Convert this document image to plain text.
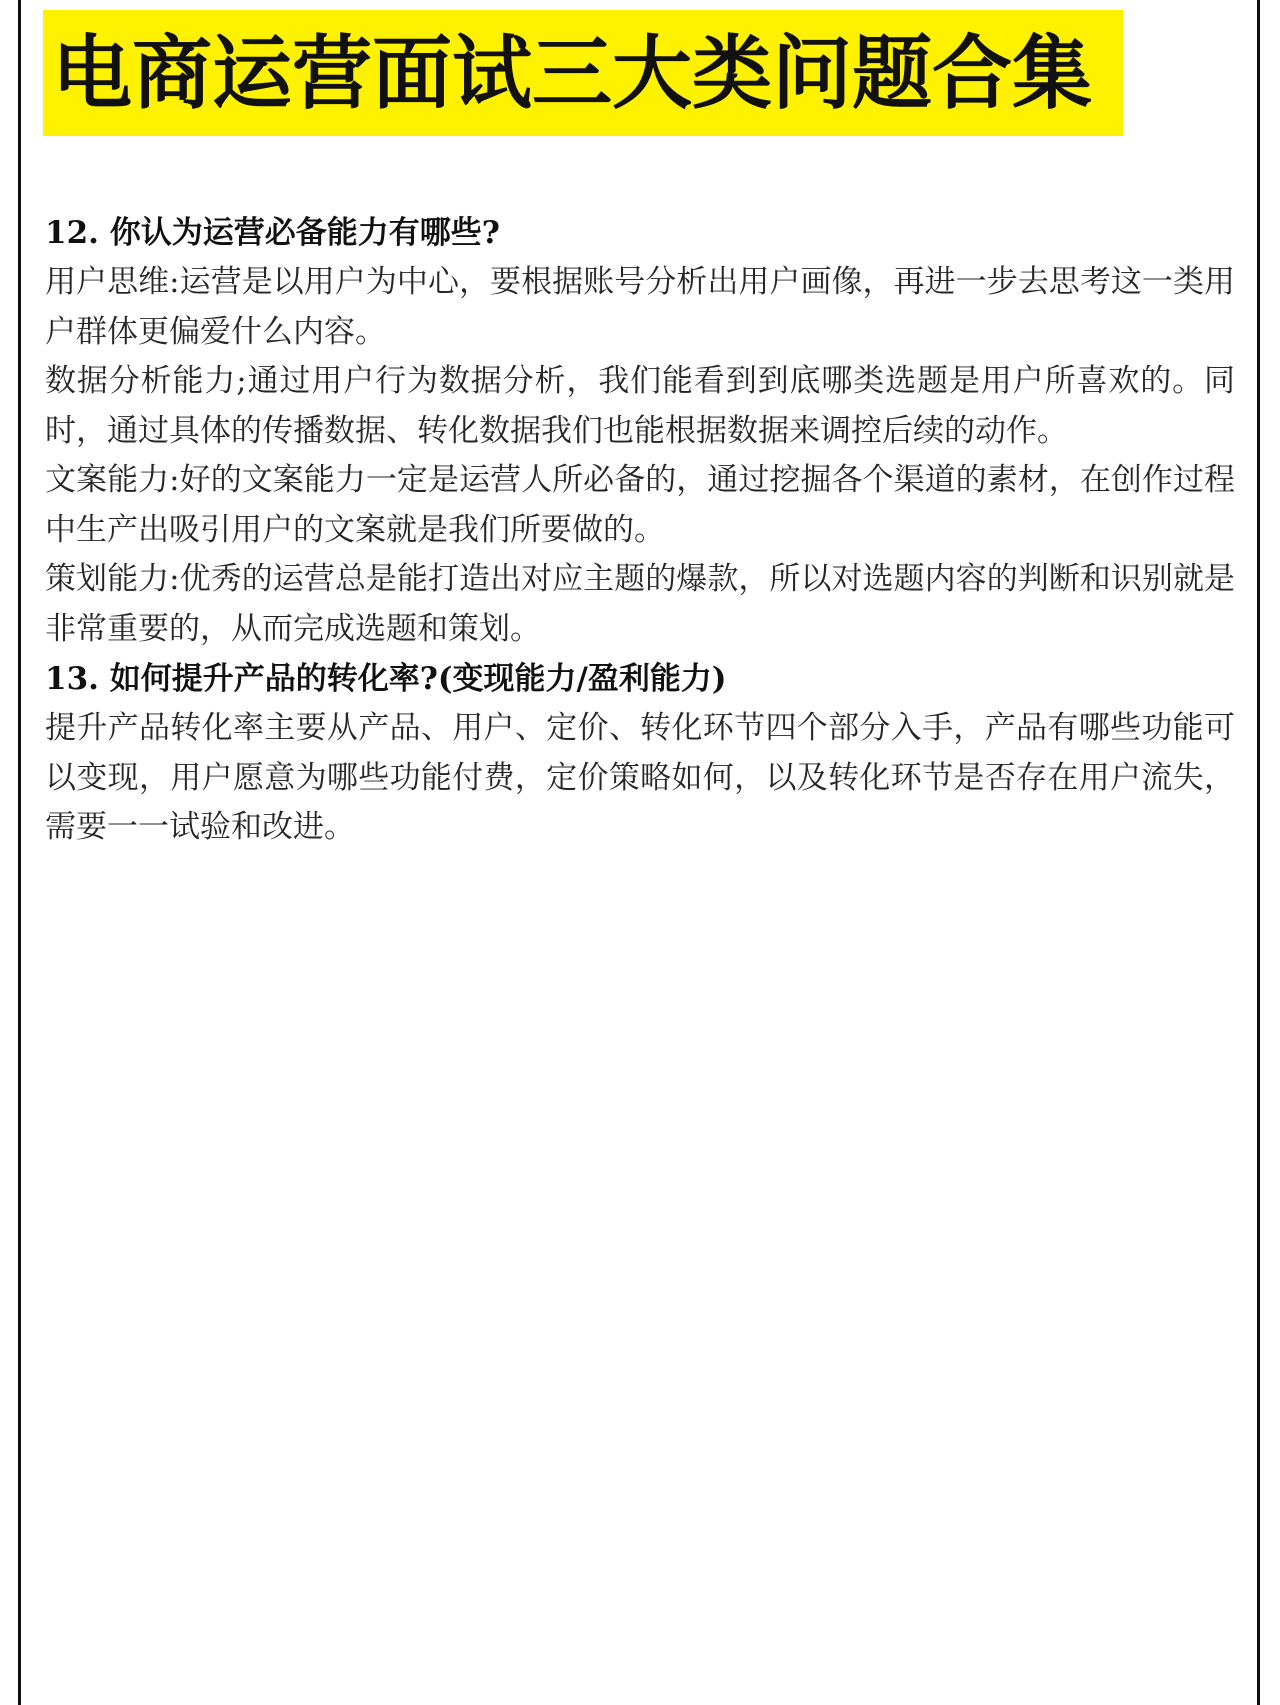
电商运营面试三大类问题合集
12. 你认为运营必备能力有哪些?

用户思维:运营是以用户为中心，要根据账号分析出用户画像，再进一步去思考这一类用户群体更偏爱什么内容。

数据分析能力;通过用户行为数据分析，我们能看到到底哪类选题是用户所喜欢的。同时，通过具体的传播数据、转化数据我们也能根据数据来调控后续的动作。

文案能力:好的文案能力一定是运营人所必备的，通过挖掘各个渠道的素材，在创作过程中生产出吸引用户的文案就是我们所要做的。

策划能力:优秀的运营总是能打造出对应主题的爆款，所以对选题内容的判断和识别就是非常重要的，从而完成选题和策划。

13. 如何提升产品的转化率?(变现能力/盈利能力)

提升产品转化率主要从产品、用户、定价、转化环节四个部分入手，产品有哪些功能可以变现，用户愿意为哪些功能付费，定价策略如何，以及转化环节是否存在用户流失，需要一一试验和改进。
